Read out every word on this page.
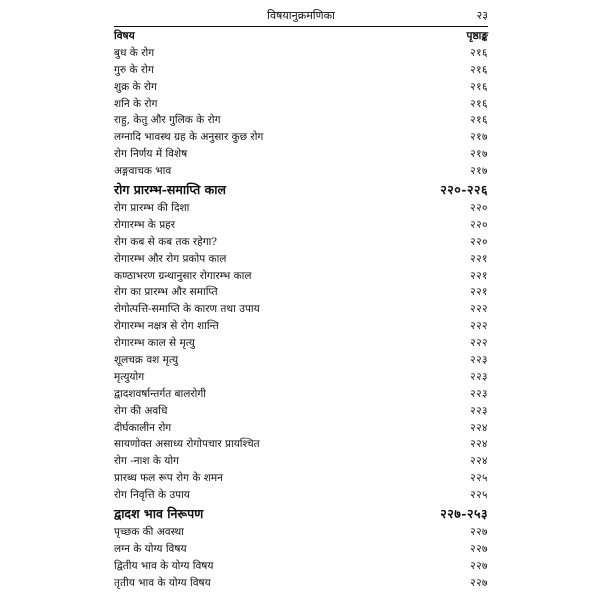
विषयानुक्रमणिका	२३
विषय	पृष्ठाङ्क
बुध के रोग	२१६
गुरु के रोग	२१६
शुक्र के रोग	२१६
शनि के रोग	२१६
राहु, केतु और गुलिक के रोग	२१६
लग्नादि भावस्थ ग्रह के अनुसार कुछ रोग	२१७
रोग निर्णय में विशेष	२१७
अङ्गवाचक भाव	२१७
रोग प्रारम्भ-समाप्ति काल	२२०-२२६
रोग प्रारम्भ की दिशा	२२०
रोगारम्भ के प्रहर	२२०
रोग कब से कब तक रहेगा?	२२०
रोगारम्भ और रोग प्रकोप काल	२२१
कण्ठाभरण ग्रन्थानुसार रोगारम्भ काल	२२१
रोग का प्रारम्भ और समाप्ति	२२१
रोगोत्पत्ति-समाप्ति के कारण तथा उपाय	२२२
रोगारम्भ नक्षत्र से रोग शान्ति	२२२
रोगारम्भ काल से मृत्यु	२२२
शूलचक्र वश मृत्यु	२२३
मृत्युयोग	२२३
द्वादशवर्षान्तर्गत बालरोगी	२२३
रोग की अवधि	२२३
दीर्घकालीन रोग	२२४
सायणोक्त असाध्य रोगोपचार प्रायश्चित	२२४
रोग -नाश के योग	२२४
प्रारब्ध फल रूप रोग के शमन	२२५
रोग निवृत्ति के उपाय	२२५
द्वादश भाव निरूपण	२२७-२५३
पृच्छक की अवस्था	२२७
लग्न के योग्य विषय	२२७
द्वितीय भाव के योग्य विषय	२२७
तृतीय भाव के योग्य विषय	२२७
